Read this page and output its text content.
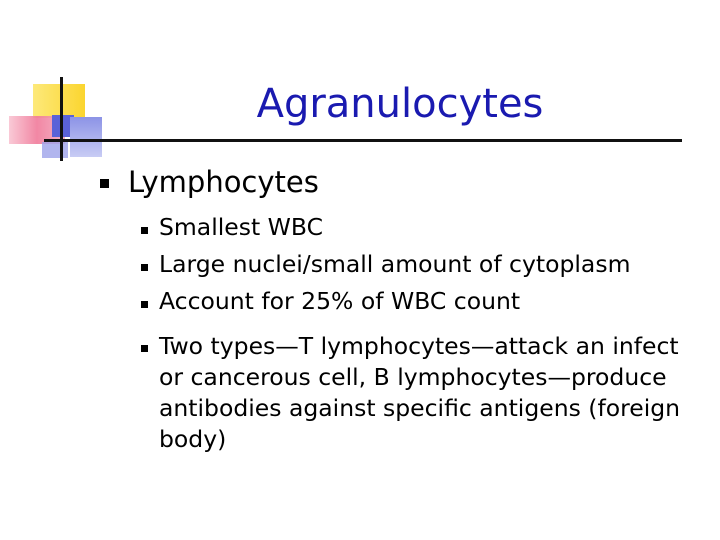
Agranulocytes
Lymphocytes
Smallest WBC
Large nuclei/small amount of cytoplasm
Account for 25% of WBC count
Two types—T lymphocytes—attack an infect or cancerous cell, B lymphocytes—produce antibodies against specific antigens (foreign body)
